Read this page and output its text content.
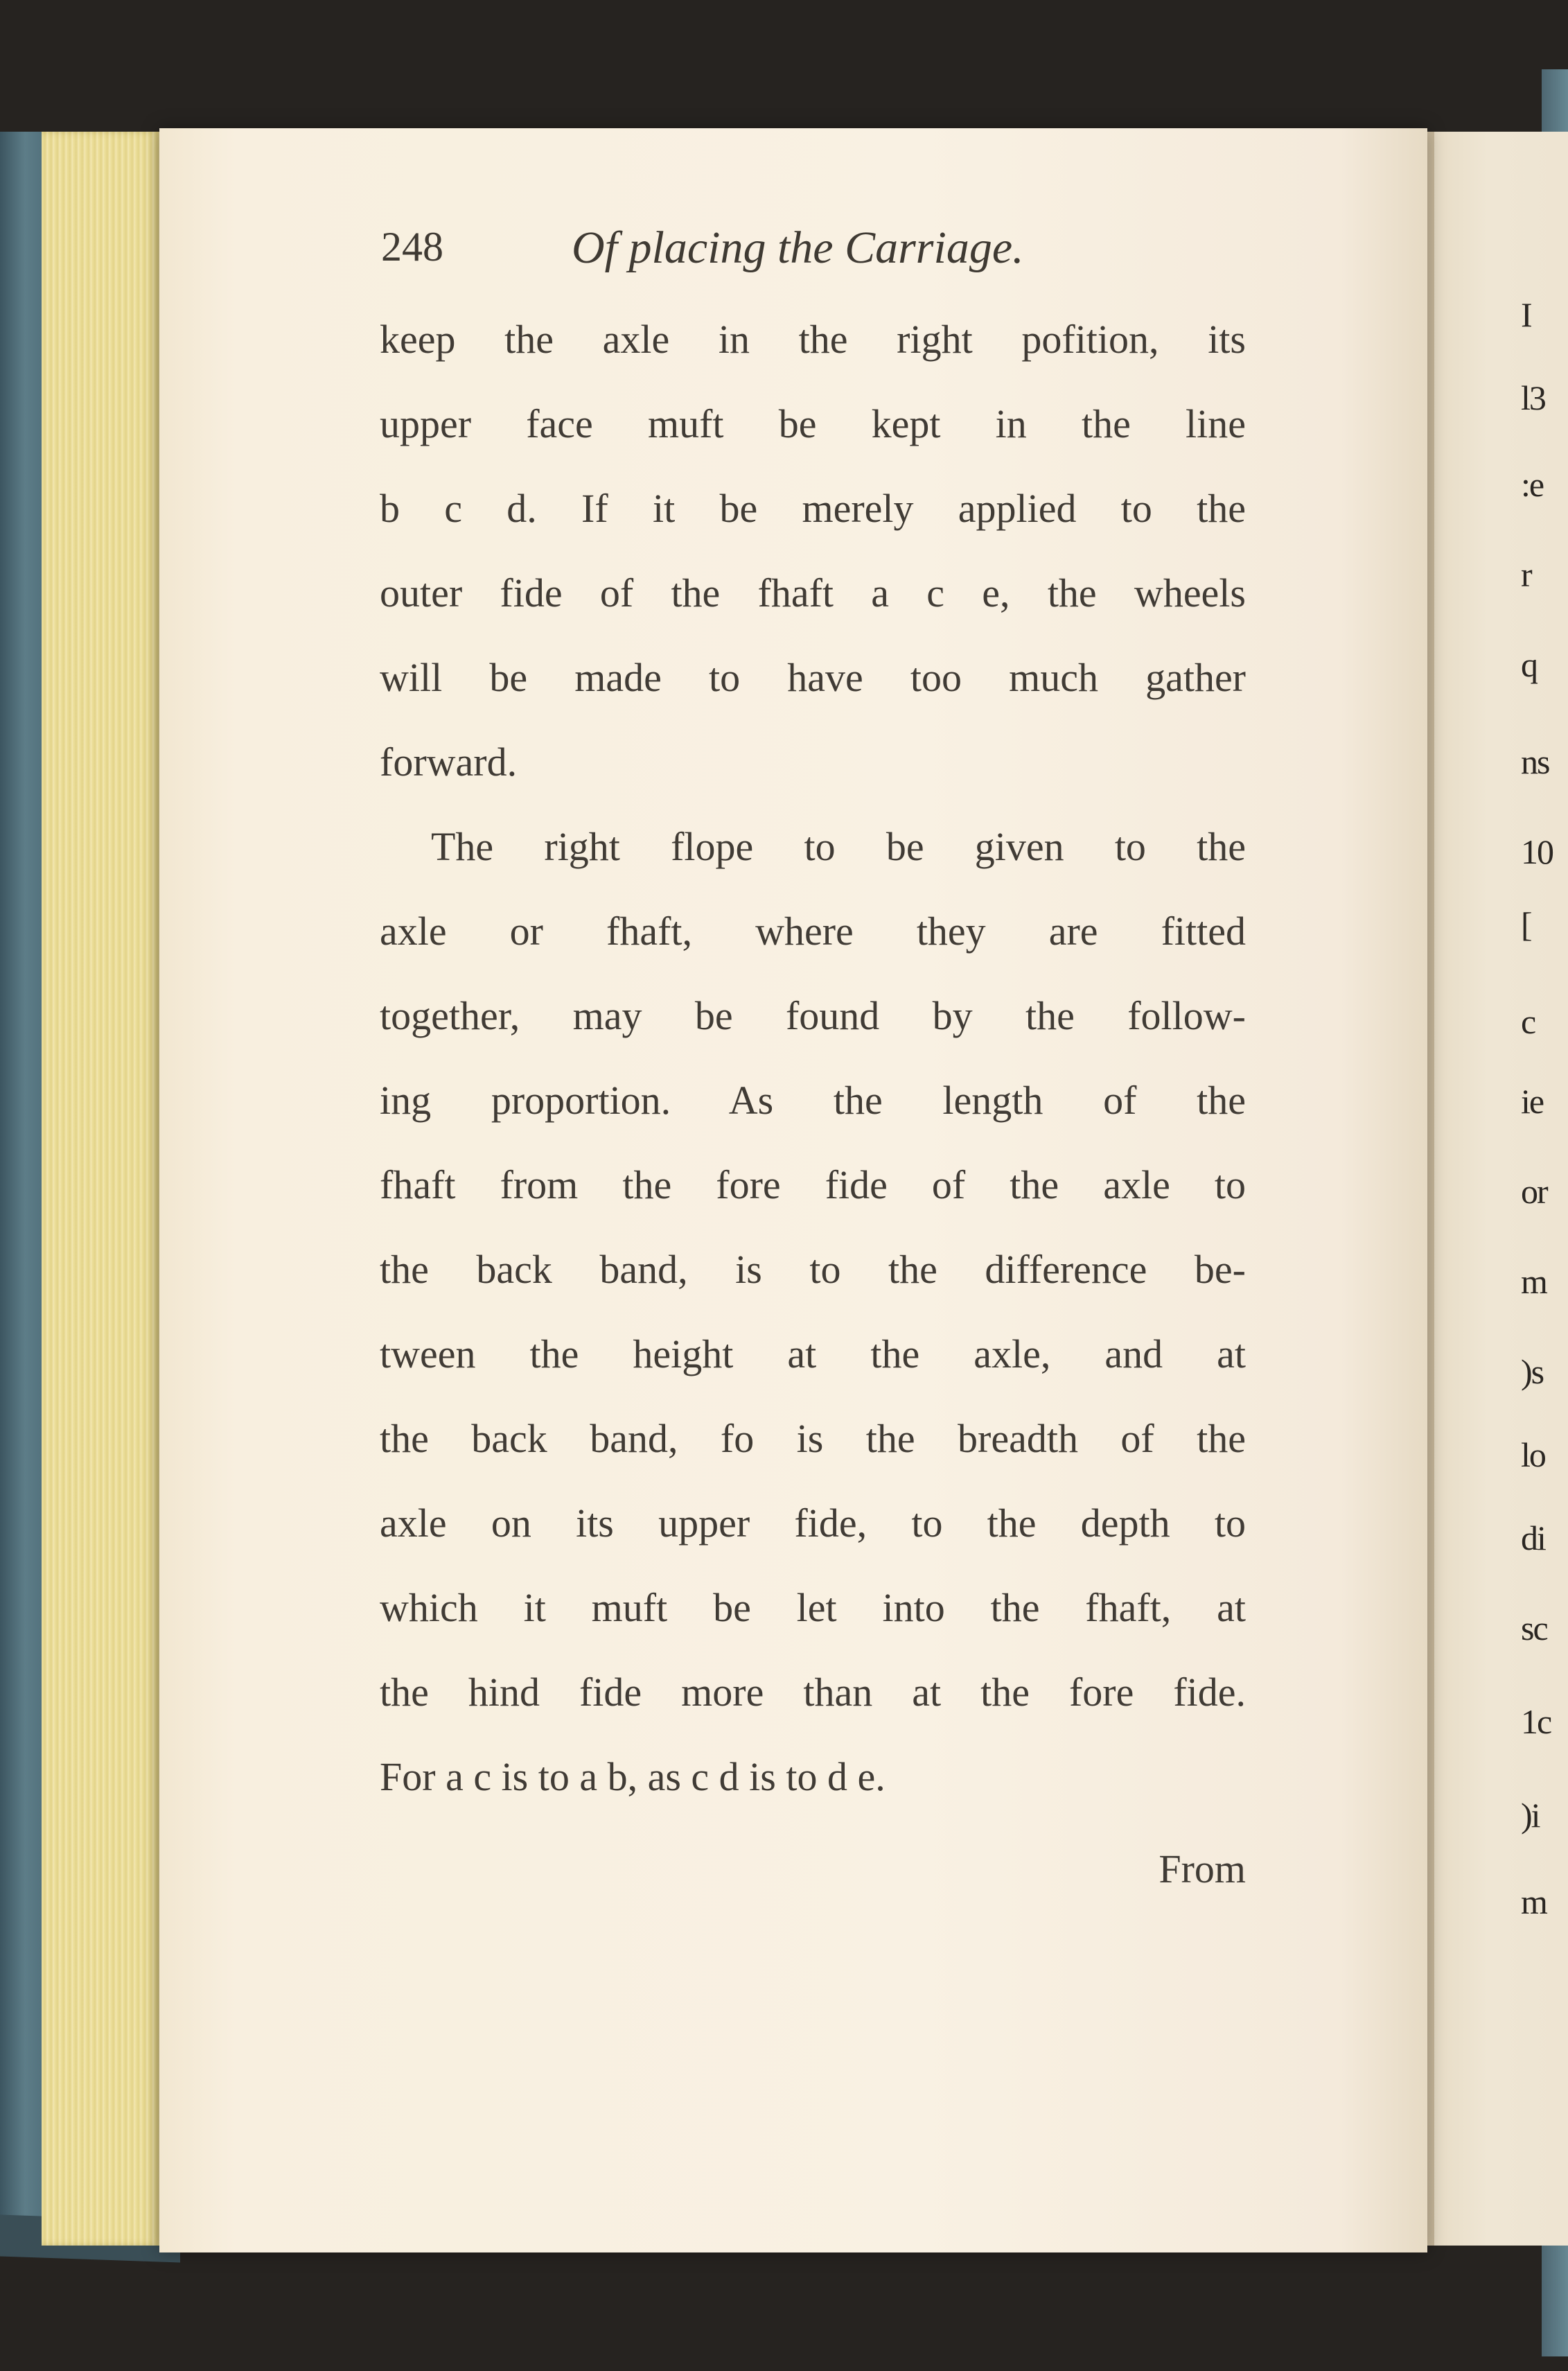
248	Of placing the Carriage.
keep the axle in the right pofition, its
upper face muft be kept in the line
b c d. If it be merely applied to the
outer fide of the fhaft a c e, the wheels
will be made to have too much gather
forward.
The right flope to be given to the
axle or fhaft, where they are fitted
together, may be found by the follow-
ing proportion. As the length of the
fhaft from the fore fide of the axle to
the back band, is to the difference be-
tween the height at the axle, and at
the back band, fo is the breadth of the
axle on its upper fide, to the depth to
which it muft be let into the fhaft, at
the hind fide more than at the fore fide.
For a c is to a b, as c d is to d e.
From
I
l3
:e
r
q
ns
10
[
c
ie
or
m
)s
lo
di
sc
1c
)i
m
